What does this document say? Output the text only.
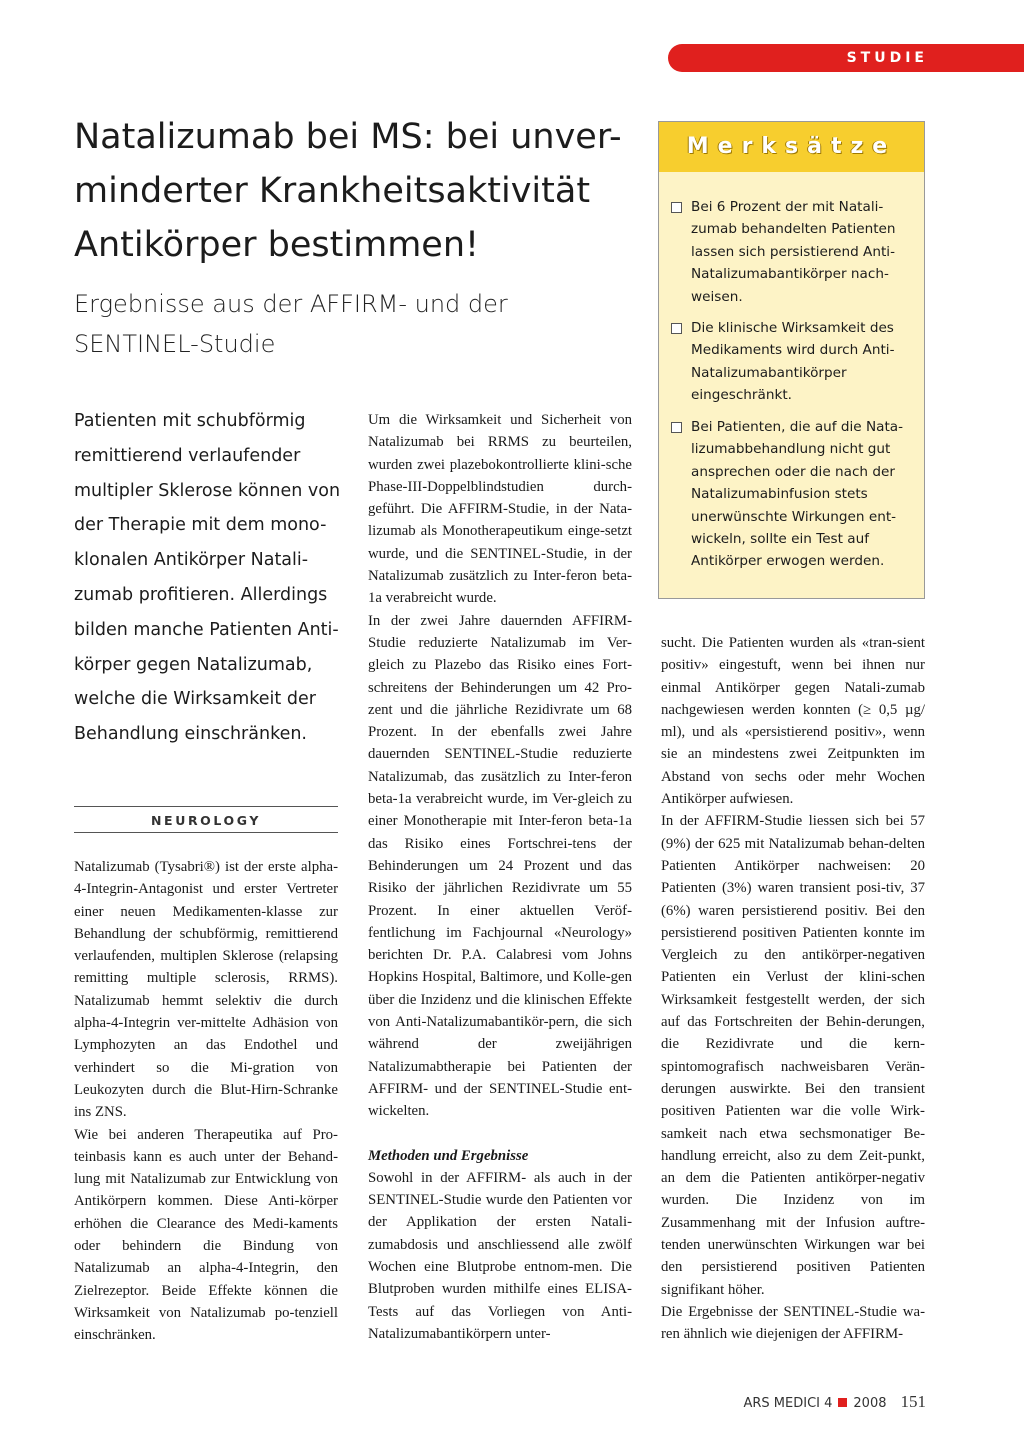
STUDIE
Natalizumab bei MS: bei unver-minderter Krankheitsaktivität Antikörper bestimmen!
Ergebnisse aus der AFFIRM- und der SENTINEL-Studie
Patienten mit schubförmig remittierend verlaufender multipler Sklerose können von der Therapie mit dem mono-klonalen Antikörper Natali-zumab profitieren. Allerdings bilden manche Patienten Anti-körper gegen Natalizumab, welche die Wirksamkeit der Behandlung einschränken.
NEUROLOGY

Natalizumab (Tysabri®) ist der erste alpha-4-Integrin-Antagonist und erster Vertreter einer neuen Medikamenten-klasse zur Behandlung der schubförmig, remittierend verlaufenden, multiplen Sklerose (relapsing remitting multiple sclerosis, RRMS). Natalizumab hemmt selektiv die durch alpha-4-Integrin ver-mittelte Adhäsion von Lymphozyten an das Endothel und verhindert so die Mi-gration von Leukozyten durch die Blut-Hirn-Schranke ins ZNS.

Wie bei anderen Therapeutika auf Pro-teinbasis kann es auch unter der Behand-lung mit Natalizumab zur Entwicklung von Antikörpern kommen. Diese Anti-körper erhöhen die Clearance des Medi-kaments oder behindern die Bindung von Natalizumab an alpha-4-Integrin, den Zielrezeptor. Beide Effekte können die Wirksamkeit von Natalizumab po-tenziell einschränken.

Um die Wirksamkeit und Sicherheit von Natalizumab bei RRMS zu beurteilen, wurden zwei plazebokontrollierte klini-sche Phase-III-Doppelblindstudien durch-geführt. Die AFFIRM-Studie, in der Nata-lizumab als Monotherapeutikum einge-setzt wurde, und die SENTINEL-Studie, in der Natalizumab zusätzlich zu Inter-feron beta-1a verabreicht wurde.

In der zwei Jahre dauernden AFFIRM-Studie reduzierte Natalizumab im Ver-gleich zu Plazebo das Risiko eines Fort-schreitens der Behinderungen um 42 Pro-zent und die jährliche Rezidivrate um 68 Prozent. In der ebenfalls zwei Jahre dauernden SENTINEL-Studie reduzierte Natalizumab, das zusätzlich zu Inter-feron beta-1a verabreicht wurde, im Ver-gleich zu einer Monotherapie mit Inter-feron beta-1a das Risiko eines Fortschrei-tens der Behinderungen um 24 Prozent und das Risiko der jährlichen Rezidivrate um 55 Prozent. In einer aktuellen Veröf-fentlichung im Fachjournal «Neurology» berichten Dr. P.A. Calabresi vom Johns Hopkins Hospital, Baltimore, und Kolle-gen über die Inzidenz und die klinischen Effekte von Anti-Natalizumabantikör-pern, die sich während der zweijährigen Natalizumabtherapie bei Patienten der AFFIRM- und der SENTINEL-Studie ent-wickelten.

Methoden und Ergebnisse

Sowohl in der AFFIRM- als auch in der SENTINEL-Studie wurde den Patienten vor der Applikation der ersten Natali-zumabdosis und anschliessend alle zwölf Wochen eine Blutprobe entnom-men. Die Blutproben wurden mithilfe eines ELISA-Tests auf das Vorliegen von Anti-Natalizumabantikörpern unter-

sucht. Die Patienten wurden als «tran-sient positiv» eingestuft, wenn bei ihnen nur einmal Antikörper gegen Natali-zumab nachgewiesen werden konnten (≥ 0,5 µg/ ml), und als «persistierend positiv», wenn sie an mindestens zwei Zeitpunkten im Abstand von sechs oder mehr Wochen Antikörper aufwiesen.

In der AFFIRM-Studie liessen sich bei 57 (9%) der 625 mit Natalizumab behan-delten Patienten Antikörper nachweisen: 20 Patienten (3%) waren transient posi-tiv, 37 (6%) waren persistierend positiv. Bei den persistierend positiven Patienten konnte im Vergleich zu den antikörper-negativen Patienten ein Verlust der klini-schen Wirksamkeit festgestellt werden, der sich auf das Fortschreiten der Behin-derungen, die Rezidivrate und die kern-spintomografisch nachweisbaren Verän-derungen auswirkte. Bei den transient positiven Patienten war die volle Wirk-samkeit nach etwa sechsmonatiger Be-handlung erreicht, also zu dem Zeit-punkt, an dem die Patienten antikörper-negativ wurden. Die Inzidenz von im Zusammenhang mit der Infusion auftre-tenden unerwünschten Wirkungen war bei den persistierend positiven Patienten signifikant höher.

Die Ergebnisse der SENTINEL-Studie wa-ren ähnlich wie diejenigen der AFFIRM-

Merksätze
Bei 6 Prozent der mit Natali-zumab behandelten Patienten lassen sich persistierend Anti-Natalizumabantikörper nach-weisen.
Die klinische Wirksamkeit des Medikaments wird durch Anti-Natalizumabantikörper eingeschränkt.
Bei Patienten, die auf die Nata-lizumabbehandlung nicht gut ansprechen oder die nach der Natalizumabinfusion stets unerwünschte Wirkungen ent-wickeln, sollte ein Test auf Antikörper erwogen werden.
ARS MEDICI 4 2008 151
